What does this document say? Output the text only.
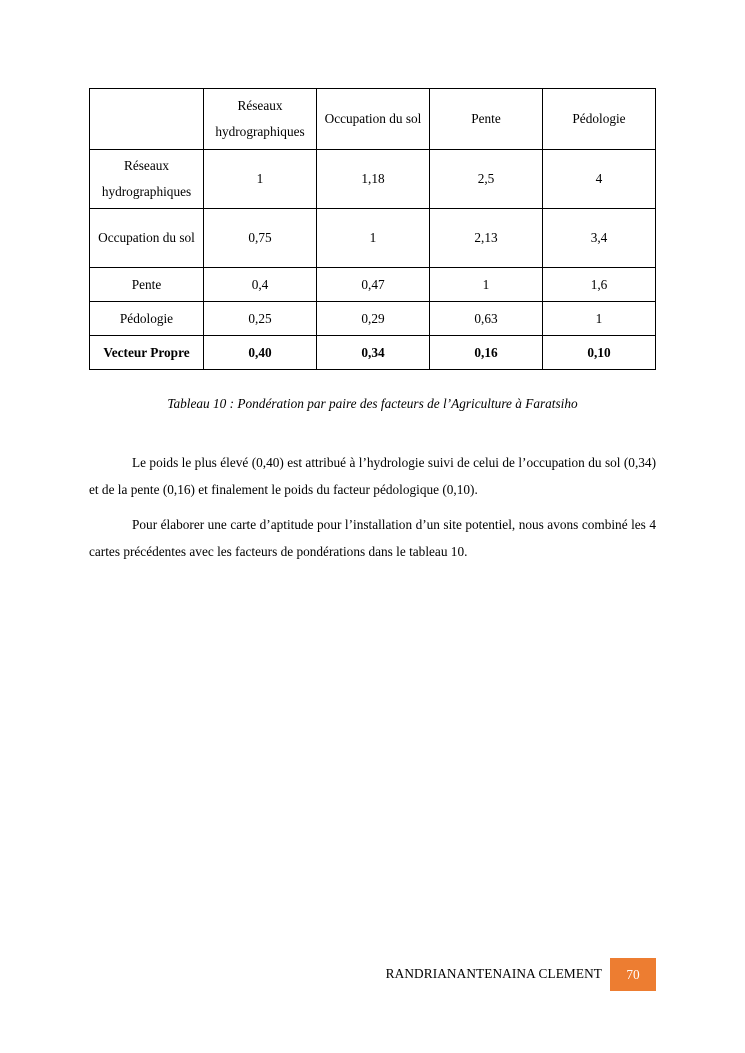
	Réseaux hydrographiques	Occupation du sol	Pente	Pédologie
Réseaux hydrographiques	1	1,18	2,5	4
Occupation du sol	0,75	1	2,13	3,4
Pente	0,4	0,47	1	1,6
Pédologie	0,25	0,29	0,63	1
Vecteur Propre	0,40	0,34	0,16	0,10
Tableau 10 : Pondération par paire des facteurs de l’Agriculture à Faratsiho

Le poids le plus élevé (0,40) est attribué à l’hydrologie suivi de celui de l’occupation du sol (0,34) et de la pente (0,16) et finalement le poids du facteur pédologique (0,10).

Pour élaborer une carte d’aptitude pour l’installation d’un site potentiel, nous avons combiné les 4 cartes précédentes avec les facteurs de pondérations dans le tableau 10.

RANDRIANANTENAINA CLEMENT	70
